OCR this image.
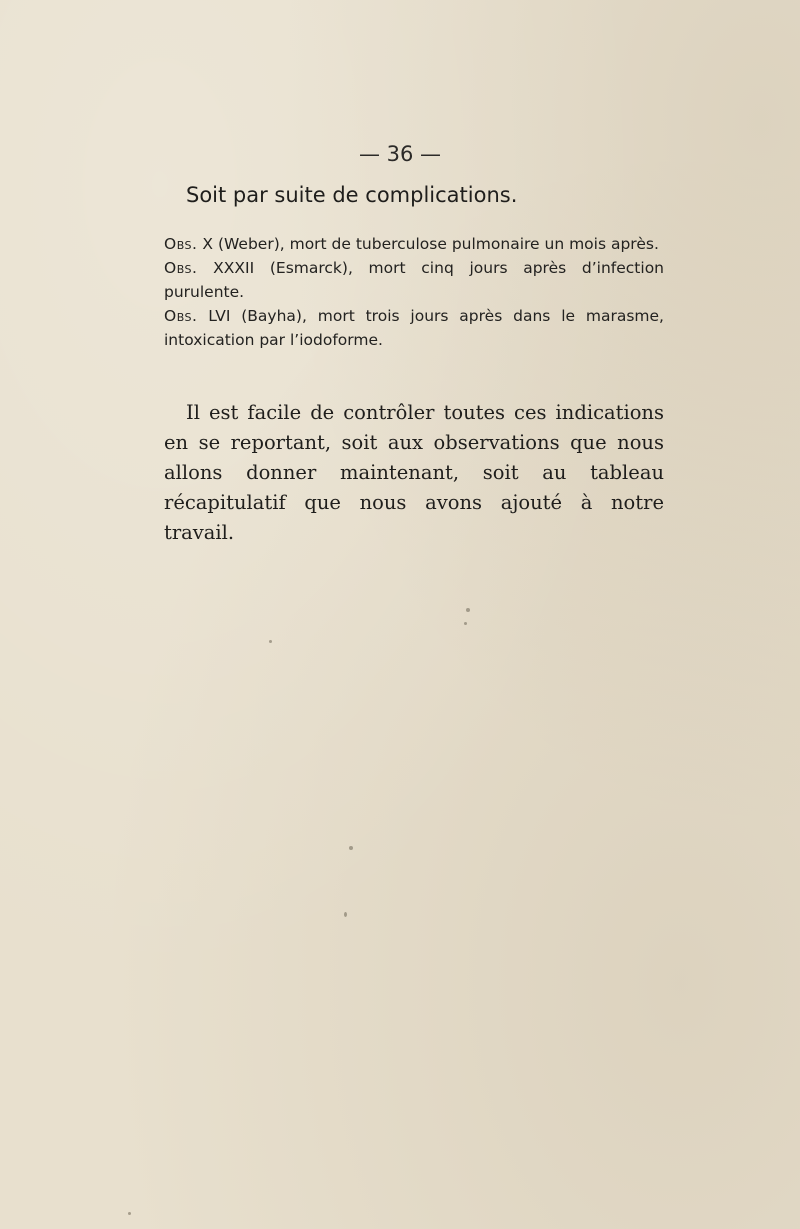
— 36 —
Soit par suite de complications.

Obs. X (Weber), mort de tuberculose pulmonaire un mois après.

Obs. XXXII (Esmarck), mort cinq jours après d’infection purulente.

Obs. LVI (Bayha), mort trois jours après dans le marasme, intoxication par l’iodoforme.

Il est facile de contrôler toutes ces indications en se reportant, soit aux observations que nous allons donner maintenant, soit au tableau récapitulatif que nous avons ajouté à notre travail.
